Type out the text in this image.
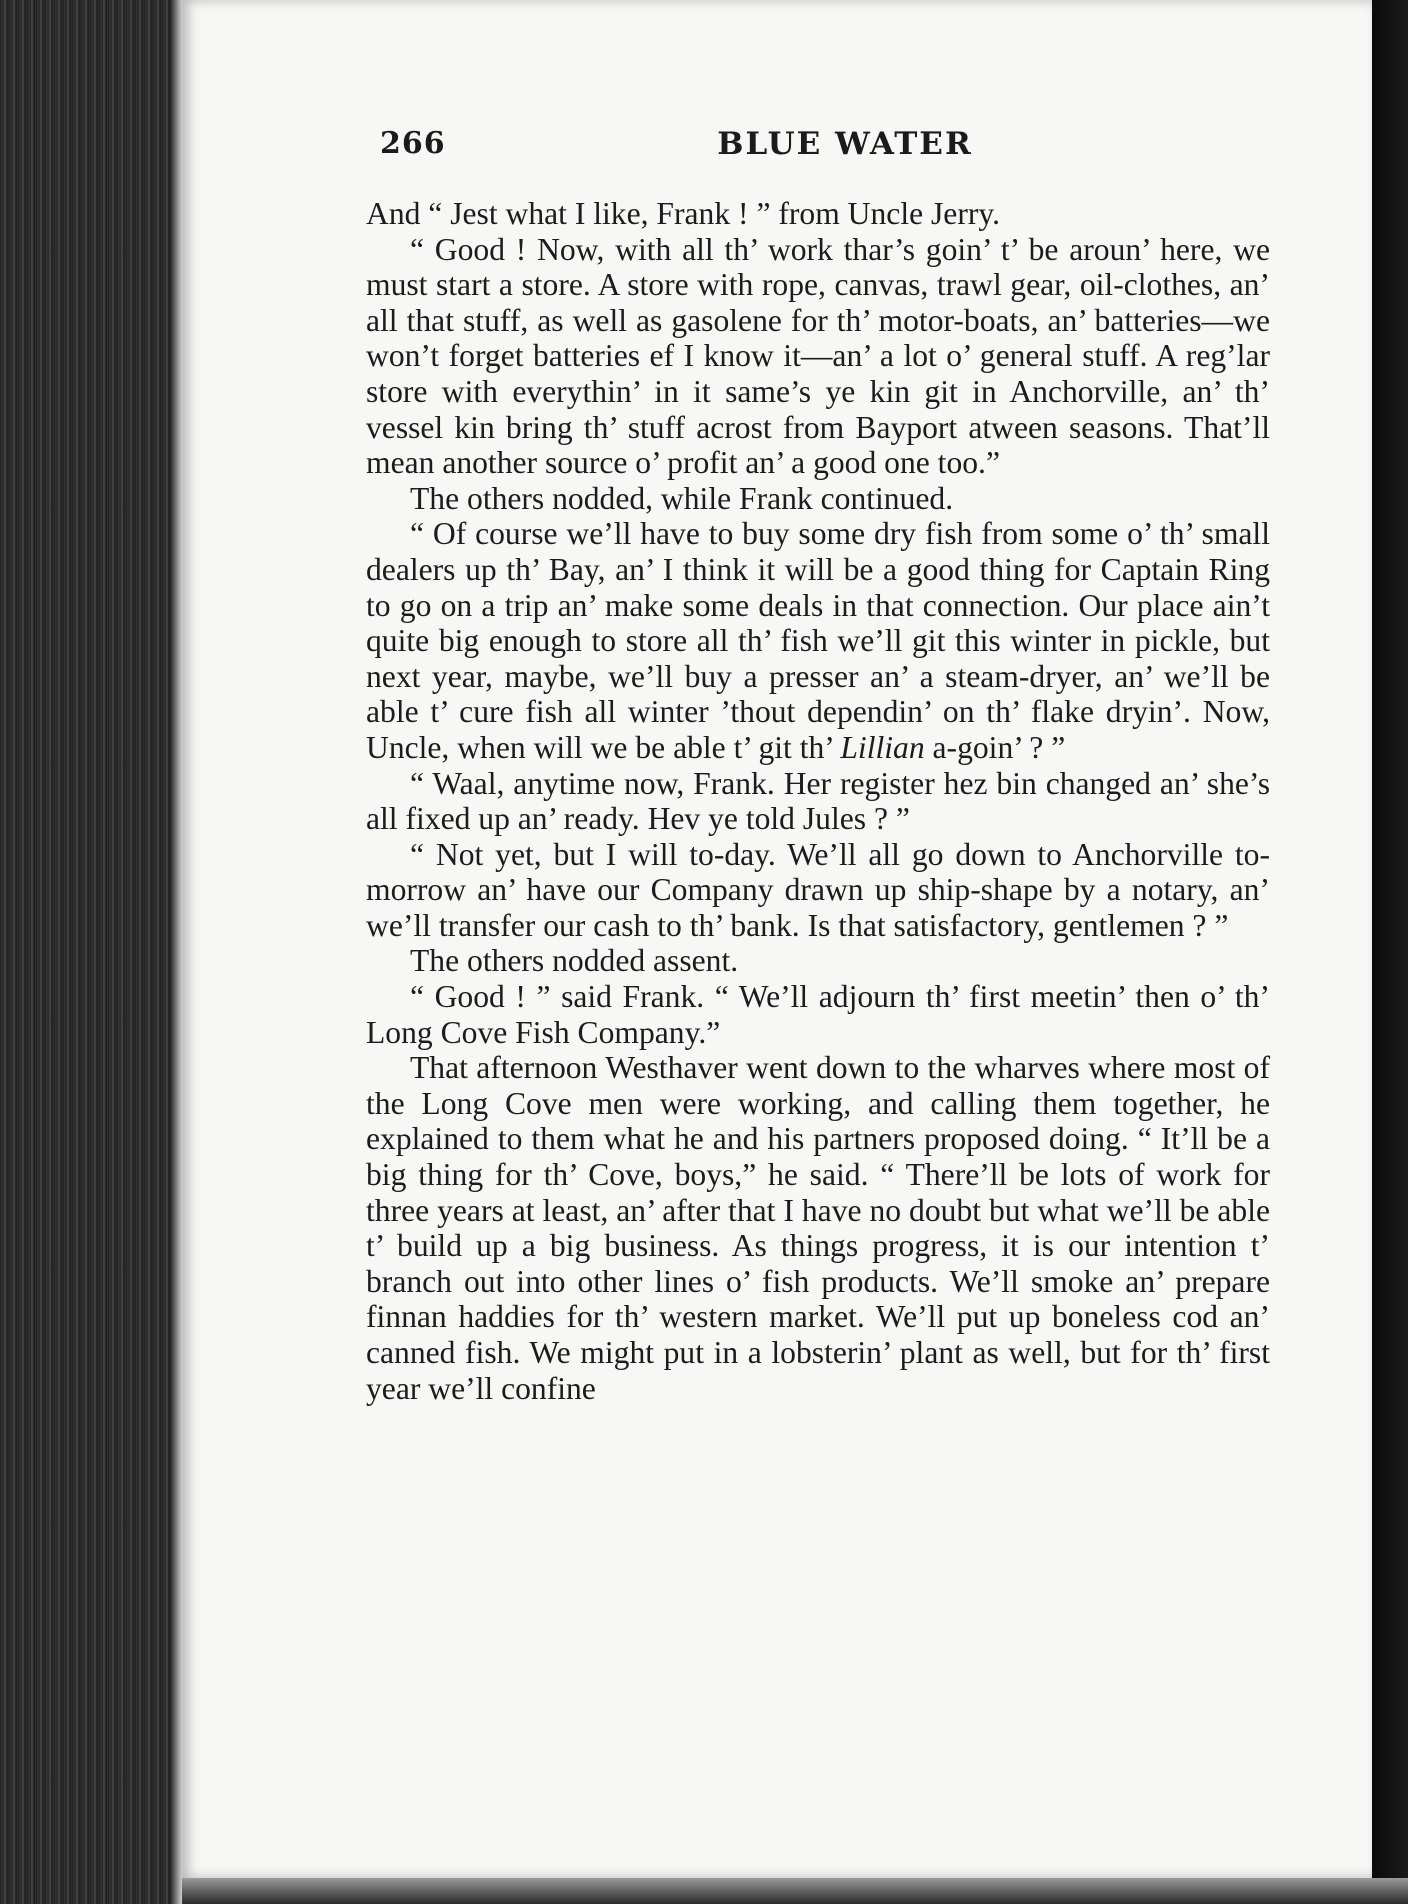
266	BLUE WATER

And “ Jest what I like, Frank ! ” from Uncle Jerry.

“ Good ! Now, with all th’ work thar’s goin’ t’ be aroun’ here, we must start a store. A store with rope, canvas, trawl gear, oil-clothes, an’ all that stuff, as well as gasolene for th’ motor-boats, an’ batteries—we won’t forget batteries ef I know it—an’ a lot o’ general stuff. A reg’lar store with everythin’ in it same’s ye kin git in Anchorville, an’ th’ vessel kin bring th’ stuff acrost from Bayport atween seasons. That’ll mean another source o’ profit an’ a good one too.”

The others nodded, while Frank continued.

“ Of course we’ll have to buy some dry fish from some o’ th’ small dealers up th’ Bay, an’ I think it will be a good thing for Captain Ring to go on a trip an’ make some deals in that connection. Our place ain’t quite big enough to store all th’ fish we’ll git this winter in pickle, but next year, maybe, we’ll buy a presser an’ a steam-dryer, an’ we’ll be able t’ cure fish all winter ’thout dependin’ on th’ flake dryin’. Now, Uncle, when will we be able t’ git th’ Lillian a-goin’ ? ”

“ Waal, anytime now, Frank. Her register hez bin changed an’ she’s all fixed up an’ ready. Hev ye told Jules ? ”

“ Not yet, but I will to-day. We’ll all go down to Anchorville to-morrow an’ have our Company drawn up ship-shape by a notary, an’ we’ll transfer our cash to th’ bank. Is that satisfactory, gentlemen ? ”

The others nodded assent.

“ Good ! ” said Frank. “ We’ll adjourn th’ first meetin’ then o’ th’ Long Cove Fish Company.”

That afternoon Westhaver went down to the wharves where most of the Long Cove men were working, and calling them together, he explained to them what he and his partners proposed doing. “ It’ll be a big thing for th’ Cove, boys,” he said. “ There’ll be lots of work for three years at least, an’ after that I have no doubt but what we’ll be able t’ build up a big business. As things progress, it is our intention t’ branch out into other lines o’ fish products. We’ll smoke an’ prepare finnan haddies for th’ western market. We’ll put up boneless cod an’ canned fish. We might put in a lobsterin’ plant as well, but for th’ first year we’ll confine
